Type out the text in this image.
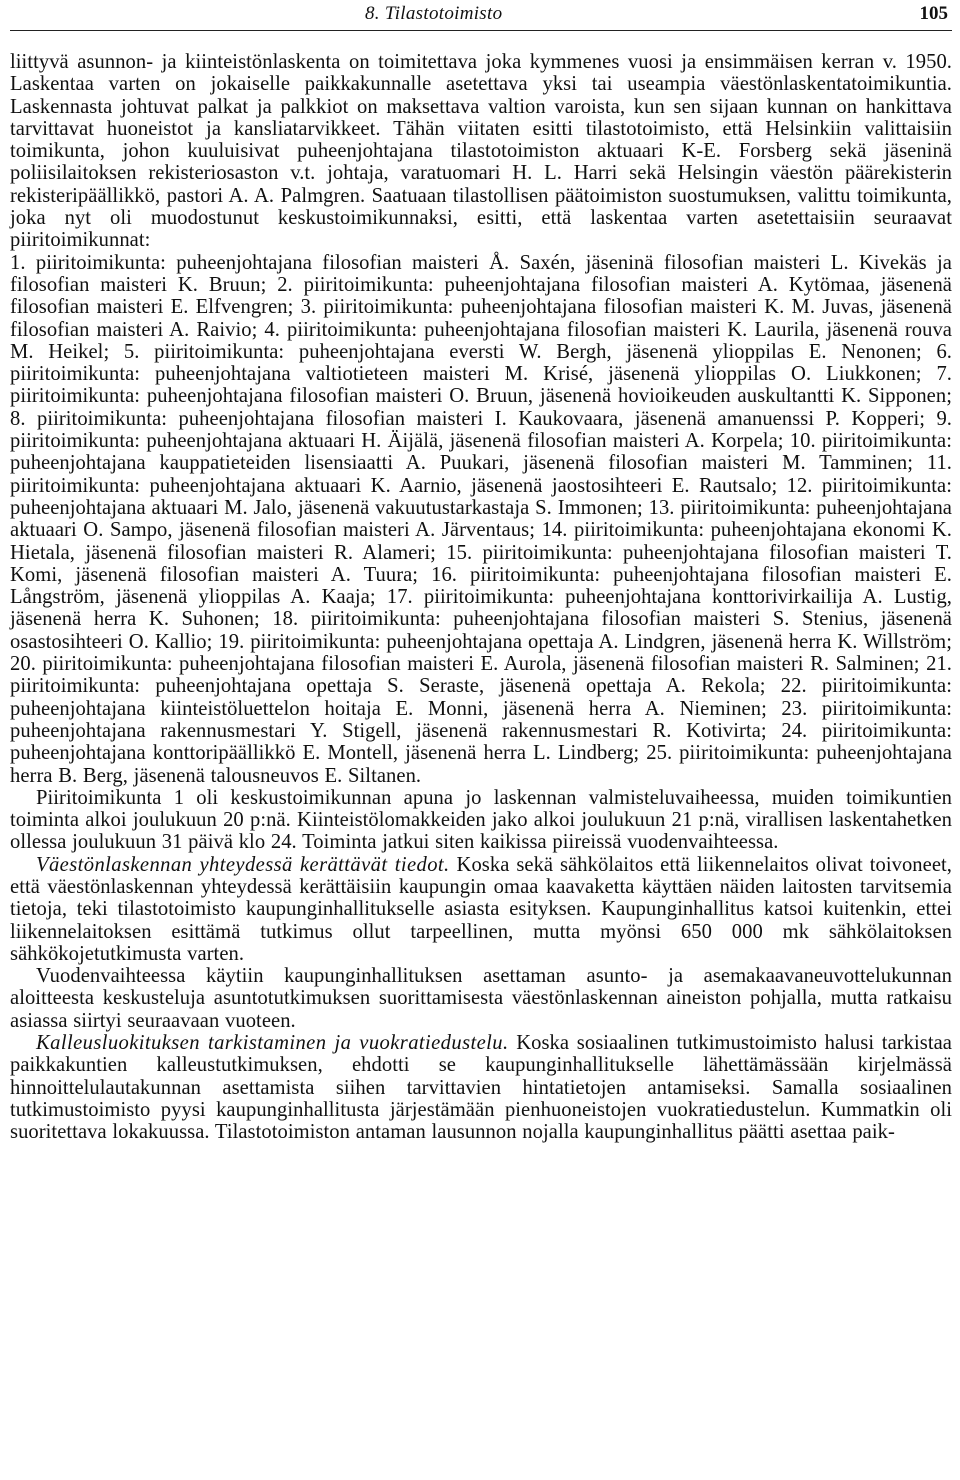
8. Tilastotoimisto	105

liittyvä asunnon- ja kiinteistönlaskenta on toimitettava joka kymmenes vuosi ja ensimmäisen kerran v. 1950. Laskentaa varten on jokaiselle paikkakunnalle asetettava yksi tai useampia väestönlaskentatoimikuntia. Laskennasta johtuvat palkat ja palkkiot on maksettava valtion varoista, kun sen sijaan kunnan on hankittava tarvittavat huoneistot ja kansliatarvikkeet. Tähän viitaten esitti tilastotoimisto, että Helsinkiin valittaisiin toimikunta, johon kuuluisivat puheenjohtajana tilastotoimiston aktuaari K-E. Forsberg sekä jäseninä poliisilaitoksen rekisteriosaston v.t. johtaja, varatuomari H. L. Harri sekä Helsingin väestön päärekisterin rekisteripäällikkö, pastori A. A. Palmgren. Saatuaan tilastollisen päätoimiston suostumuksen, valittu toimikunta, joka nyt oli muodostunut keskustoimikunnaksi, esitti, että laskentaa varten asetettaisiin seuraavat piiritoimikunnat:

1. piiritoimikunta: puheenjohtajana filosofian maisteri Å. Saxén, jäseninä filosofian maisteri L. Kivekäs ja filosofian maisteri K. Bruun; 2. piiritoimikunta: puheenjohtajana filosofian maisteri A. Kytömaa, jäsenenä filosofian maisteri E. Elfvengren; 3. piiritoimikunta: puheenjohtajana filosofian maisteri K. M. Juvas, jäsenenä filosofian maisteri A. Raivio; 4. piiritoimikunta: puheenjohtajana filosofian maisteri K. Laurila, jäsenenä rouva M. Heikel; 5. piiritoimikunta: puheenjohtajana eversti W. Bergh, jäsenenä ylioppilas E. Nenonen; 6. piiritoimikunta: puheenjohtajana valtiotieteen maisteri M. Krisé, jäsenenä ylioppilas O. Liukkonen; 7. piiritoimikunta: puheenjohtajana filosofian maisteri O. Bruun, jäsenenä hovioikeuden auskultantti K. Sipponen; 8. piiritoimikunta: puheenjohtajana filosofian maisteri I. Kaukovaara, jäsenenä amanuenssi P. Kopperi; 9. piiritoimikunta: puheenjohtajana aktuaari H. Äijälä, jäsenenä filosofian maisteri A. Korpela; 10. piiritoimikunta: puheenjohtajana kauppatieteiden lisensiaatti A. Puukari, jäsenenä filosofian maisteri M. Tamminen; 11. piiritoimikunta: puheenjohtajana aktuaari K. Aarnio, jäsenenä jaostosihteeri E. Rautsalo; 12. piiritoimikunta: puheenjohtajana aktuaari M. Jalo, jäsenenä vakuutustarkastaja S. Immonen; 13. piiritoimikunta: puheenjohtajana aktuaari O. Sampo, jäsenenä filosofian maisteri A. Järventaus; 14. piiritoimikunta: puheenjohtajana ekonomi K. Hietala, jäsenenä filosofian maisteri R. Alameri; 15. piiritoimikunta: puheenjohtajana filosofian maisteri T. Komi, jäsenenä filosofian maisteri A. Tuura; 16. piiritoimikunta: puheenjohtajana filosofian maisteri E. Långström, jäsenenä ylioppilas A. Kaaja; 17. piiritoimikunta: puheenjohtajana konttorivirkailija A. Lustig, jäsenenä herra K. Suhonen; 18. piiritoimikunta: puheenjohtajana filosofian maisteri S. Stenius, jäsenenä osastosihteeri O. Kallio; 19. piiritoimikunta: puheenjohtajana opettaja A. Lindgren, jäsenenä herra K. Willström; 20. piiritoimikunta: puheenjohtajana filosofian maisteri E. Aurola, jäsenenä filosofian maisteri R. Salminen; 21. piiritoimikunta: puheenjohtajana opettaja S. Seraste, jäsenenä opettaja A. Rekola; 22. piiritoimikunta: puheenjohtajana kiinteistöluettelon hoitaja E. Monni, jäsenenä herra A. Nieminen; 23. piiritoimikunta: puheenjohtajana rakennusmestari Y. Stigell, jäsenenä rakennusmestari R. Kotivirta; 24. piiritoimikunta: puheenjohtajana konttoripäällikkö E. Montell, jäsenenä herra L. Lindberg; 25. piiritoimikunta: puheenjohtajana herra B. Berg, jäsenenä talousneuvos E. Siltanen.

Piiritoimikunta 1 oli keskustoimikunnan apuna jo laskennan valmisteluvaiheessa, muiden toimikuntien toiminta alkoi joulukuun 20 p:nä. Kiinteistölomakkeiden jako alkoi joulukuun 21 p:nä, virallisen laskentahetken ollessa joulukuun 31 päivä klo 24. Toiminta jatkui siten kaikissa piireissä vuodenvaihteessa.

Väestönlaskennan yhteydessä kerättävät tiedot. Koska sekä sähkölaitos että liikennelaitos olivat toivoneet, että väestönlaskennan yhteydessä kerättäisiin kaupungin omaa kaavaketta käyttäen näiden laitosten tarvitsemia tietoja, teki tilastotoimisto kaupunginhallitukselle asiasta esityksen. Kaupunginhallitus katsoi kuitenkin, ettei liikennelaitoksen esittämä tutkimus ollut tarpeellinen, mutta myönsi 650 000 mk sähkölaitoksen sähkökojetutkimusta varten.

Vuodenvaihteessa käytiin kaupunginhallituksen asettaman asunto- ja asemakaavaneuvottelukunnan aloitteesta keskusteluja asuntotutkimuksen suorittamisesta väestönlaskennan aineiston pohjalla, mutta ratkaisu asiassa siirtyi seuraavaan vuoteen.

Kalleusluokituksen tarkistaminen ja vuokratiedustelu. Koska sosiaalinen tutkimustoimisto halusi tarkistaa paikkakuntien kalleustutkimuksen, ehdotti se kaupunginhallitukselle lähettämässään kirjelmässä hinnoittelulautakunnan asettamista siihen tarvittavien hintatietojen antamiseksi. Samalla sosiaalinen tutkimustoimisto pyysi kaupunginhallitusta järjestämään pienhuoneistojen vuokratiedustelun. Kummatkin oli suoritettava lokakuussa. Tilastotoimiston antaman lausunnon nojalla kaupunginhallitus päätti asettaa paik-
